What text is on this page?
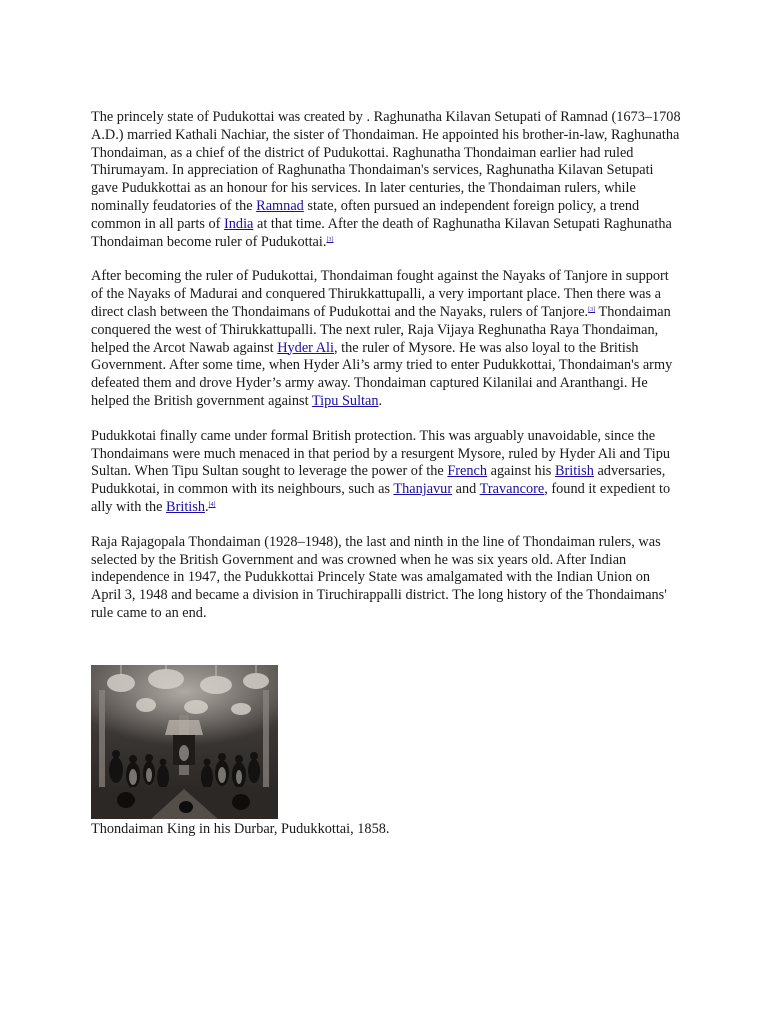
The princely state of Pudukottai was created by . Raghunatha Kilavan Setupati of Ramnad (1673–1708 A.D.) married Kathali Nachiar, the sister of Thondaiman. He appointed his brother-in-law, Raghunatha Thondaiman, as a chief of the district of Pudukottai. Raghunatha Thondaiman earlier had ruled Thirumayam. In appreciation of Raghunatha Thondaiman's services, Raghunatha Kilavan Setupati gave Pudukkottai as an honour for his services. In later centuries, the Thondaiman rulers, while nominally feudatories of the Ramnad state, often pursued an independent foreign policy, a trend common in all parts of India at that time. After the death of Raghunatha Kilavan Setupati Raghunatha Thondaiman become ruler of Pudukottai.[3]

After becoming the ruler of Pudukottai, Thondaiman fought against the Nayaks of Tanjore in support of the Nayaks of Madurai and conquered Thirukkattupalli, a very important place. Then there was a direct clash between the Thondaimans of Pudukottai and the Nayaks, rulers of Tanjore.[3] Thondaiman conquered the west of Thirukkattupalli. The next ruler, Raja Vijaya Reghunatha Raya Thondaiman, helped the Arcot Nawab against Hyder Ali, the ruler of Mysore. He was also loyal to the British Government. After some time, when Hyder Ali’s army tried to enter Pudukkottai, Thondaiman's army defeated them and drove Hyder’s army away. Thondaiman captured Kilanilai and Aranthangi. He helped the British government against Tipu Sultan.

Pudukkotai finally came under formal British protection. This was arguably unavoidable, since the Thondaimans were much menaced in that period by a resurgent Mysore, ruled by Hyder Ali and Tipu Sultan. When Tipu Sultan sought to leverage the power of the French against his British adversaries, Pudukkotai, in common with its neighbours, such as Thanjavur and Travancore, found it expedient to ally with the British.[4]

Raja Rajagopala Thondaiman (1928–1948), the last and ninth in the line of Thondaiman rulers, was selected by the British Government and was crowned when he was six years old. After Indian independence in 1947, the Pudukkottai Princely State was amalgamated with the Indian Union on April 3, 1948 and became a division in Tiruchirappalli district. The long history of the Thondaimans' rule came to an end.

Thondaiman King in his Durbar, Pudukkottai, 1858.
